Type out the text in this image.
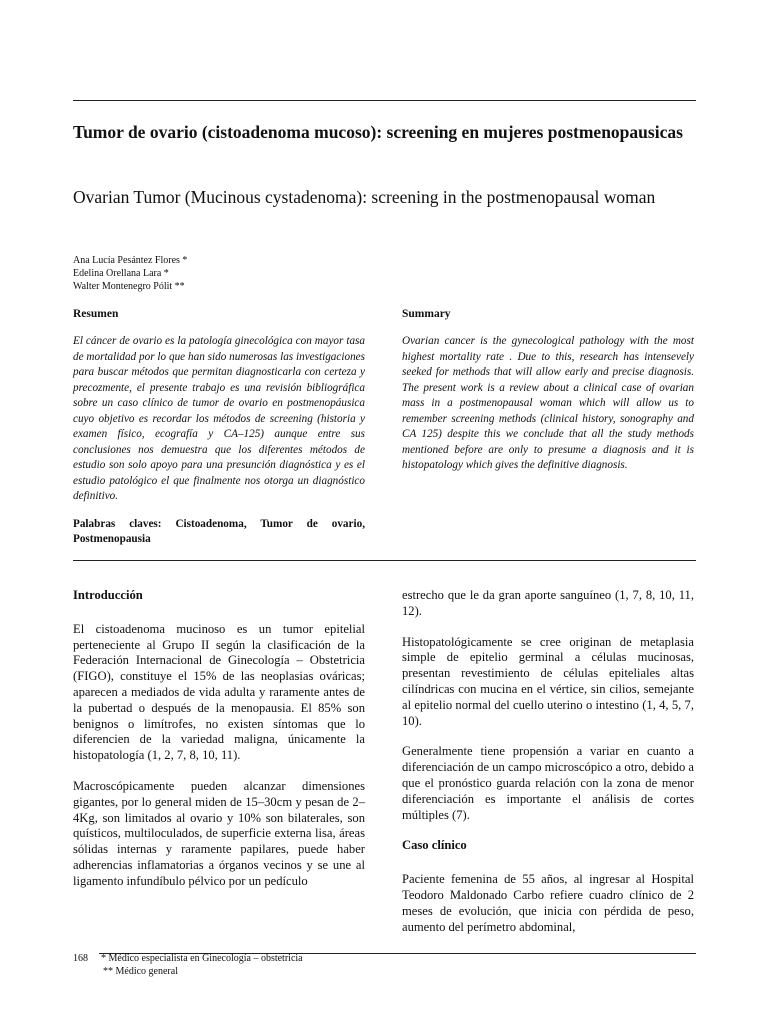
Tumor de ovario (cistoadenoma mucoso): screening en mujeres postmenopausicas
Ovarian Tumor (Mucinous cystadenoma): screening in the postmenopausal woman
Ana Lucía Pesántez Flores *
Edelina Orellana Lara *
Walter Montenegro Pólit **
Resumen	Summary

El cáncer de ovario es la patología ginecológica con mayor tasa de mortalidad por lo que han sido numerosas las investigaciones para buscar métodos que permitan diagnosticarla con certeza y precozmente, el presente trabajo es una revisión bibliográfica sobre un caso clínico de tumor de ovario en postmenopáusica cuyo objetivo es recordar los métodos de screening (historia y examen físico, ecografía y CA–125) aunque entre sus conclusiones nos demuestra que los diferentes métodos de estudio son solo apoyo para una presunción diagnóstica y es el estudio patológico el que finalmente nos otorga un diagnóstico definitivo.

Ovarian cancer is the gynecological pathology with the most highest mortality rate . Due to this, research has intensevely seeked for methods that will allow early and precise diagnosis. The present work is a review about a clinical case of ovarian mass in a postmenopausal woman which will allow us to remember screening methods (clinical history, sonography and CA 125) despite this we conclude that all the study methods mentioned before are only to presume a diagnosis and it is histopatology which gives the definitive diagnosis.

Palabras claves: Cistoadenoma, Tumor de ovario, Postmenopausia

Introducción

El cistoadenoma mucinoso es un tumor epitelial perteneciente al Grupo II según la clasificación de la Federación Internacional de Ginecología – Obstetricia (FIGO), constituye el 15% de las neoplasias ováricas; aparecen a mediados de vida adulta y raramente antes de la pubertad o después de la menopausia. El 85% son benignos o limítrofes, no existen síntomas que lo diferencien de la variedad maligna, únicamente la histopatología (1, 2, 7, 8, 10, 11).

Macroscópicamente pueden alcanzar dimensiones gigantes, por lo general miden de 15–30cm y pesan de 2–4Kg, son limitados al ovario y 10% son bilaterales, son quísticos, multiloculados, de superficie externa lisa, áreas sólidas internas y raramente papilares, puede haber adherencias inflamatorias a órganos vecinos y se une al ligamento infundíbulo pélvico por un pedículo

estrecho que le da gran aporte sanguíneo (1, 7, 8, 10, 11, 12).

Histopatológicamente se cree originan de metaplasia simple de epitelio germinal a células mucinosas, presentan revestimiento de células epiteliales altas cilíndricas con mucina en el vértice, sin cilios, semejante al epitelio normal del cuello uterino o intestino (1, 4, 5, 7, 10).

Generalmente tiene propensión a variar en cuanto a diferenciación de un campo microscópico a otro, debido a que el pronóstico guarda relación con la zona de menor diferenciación es importante el análisis de cortes múltiples (7).

Caso clínico

Paciente femenina de 55 años, al ingresar al Hospital Teodoro Maldonado Carbo refiere cuadro clínico de 2 meses de evolución, que inicia con pérdida de peso, aumento del perímetro abdominal,

168 * Médico especialista en Ginecología – obstetricia
** Médico general
